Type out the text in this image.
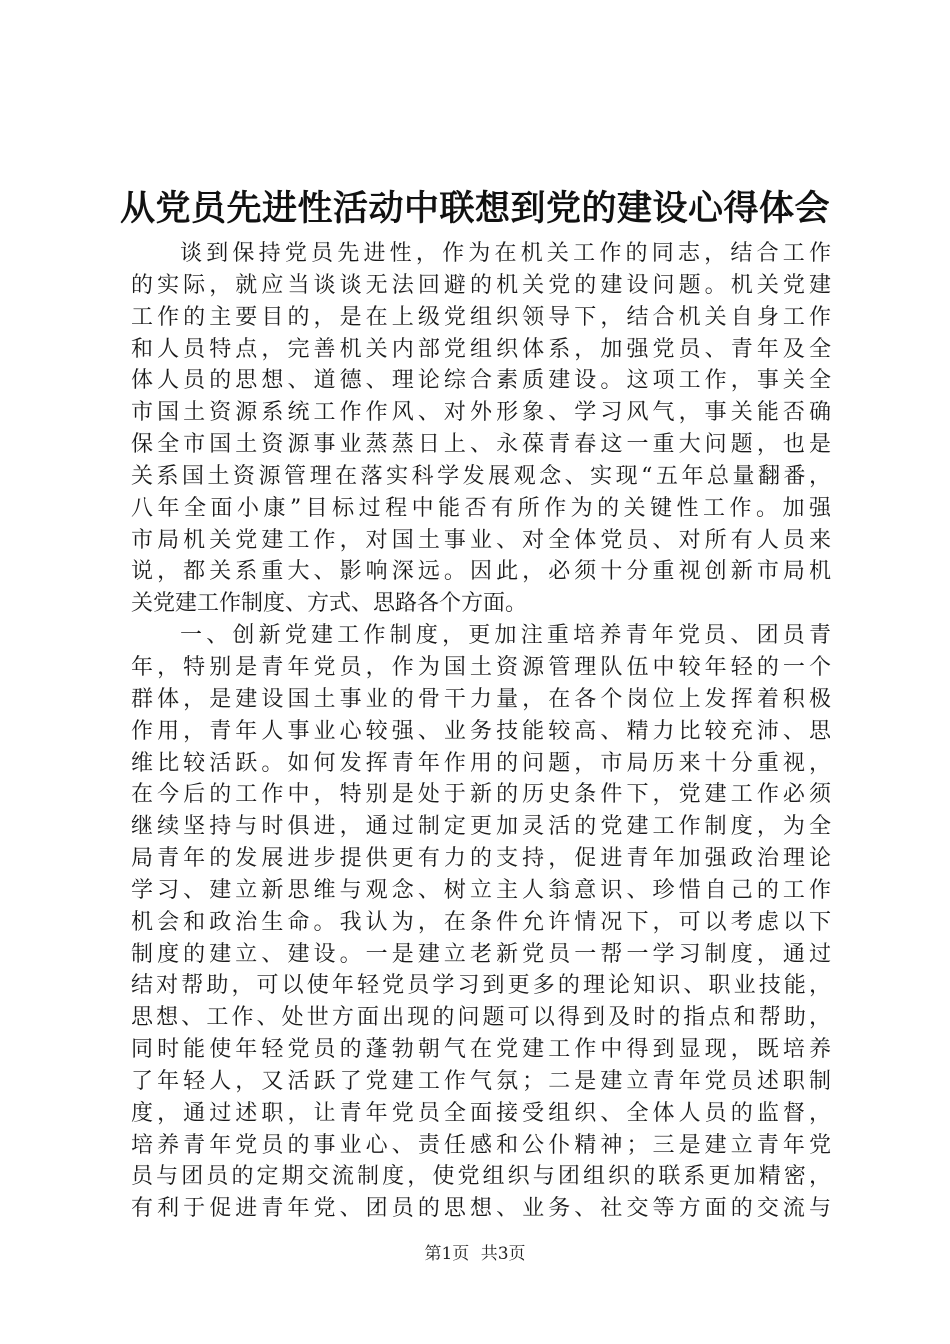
从党员先进性活动中联想到党的建设心得体会
谈到保持党员先进性，作为在机关工作的同志，结合工作
的实际，就应当谈谈无法回避的机关党的建设问题。机关党建
工作的主要目的，是在上级党组织领导下，结合机关自身工作
和人员特点，完善机关内部党组织体系，加强党员、青年及全
体人员的思想、道德、理论综合素质建设。这项工作，事关全
市国土资源系统工作作风、对外形象、学习风气，事关能否确
保全市国土资源事业蒸蒸日上、永葆青春这一重大问题，也是
关系国土资源管理在落实科学发展观念、实现“五年总量翻番，
八年全面小康”目标过程中能否有所作为的关键性工作。加强
市局机关党建工作，对国土事业、对全体党员、对所有人员来
说，都关系重大、影响深远。因此，必须十分重视创新市局机
关党建工作制度、方式、思路各个方面。
一、创新党建工作制度，更加注重培养青年党员、团员青
年，特别是青年党员，作为国土资源管理队伍中较年轻的一个
群体，是建设国土事业的骨干力量，在各个岗位上发挥着积极
作用，青年人事业心较强、业务技能较高、精力比较充沛、思
维比较活跃。如何发挥青年作用的问题，市局历来十分重视，
在今后的工作中，特别是处于新的历史条件下，党建工作必须
继续坚持与时俱进，通过制定更加灵活的党建工作制度，为全
局青年的发展进步提供更有力的支持，促进青年加强政治理论
学习、建立新思维与观念、树立主人翁意识、珍惜自己的工作
机会和政治生命。我认为，在条件允许情况下，可以考虑以下
制度的建立、建设。一是建立老新党员一帮一学习制度，通过
结对帮助，可以使年轻党员学习到更多的理论知识、职业技能，
思想、工作、处世方面出现的问题可以得到及时的指点和帮助，
同时能使年轻党员的蓬勃朝气在党建工作中得到显现，既培养
了年轻人，又活跃了党建工作气氛；二是建立青年党员述职制
度，通过述职，让青年党员全面接受组织、全体人员的监督，
培养青年党员的事业心、责任感和公仆精神；三是建立青年党
员与团员的定期交流制度，使党组织与团组织的联系更加精密，
有利于促进青年党、团员的思想、业务、社交等方面的交流与
第1页 共3页
